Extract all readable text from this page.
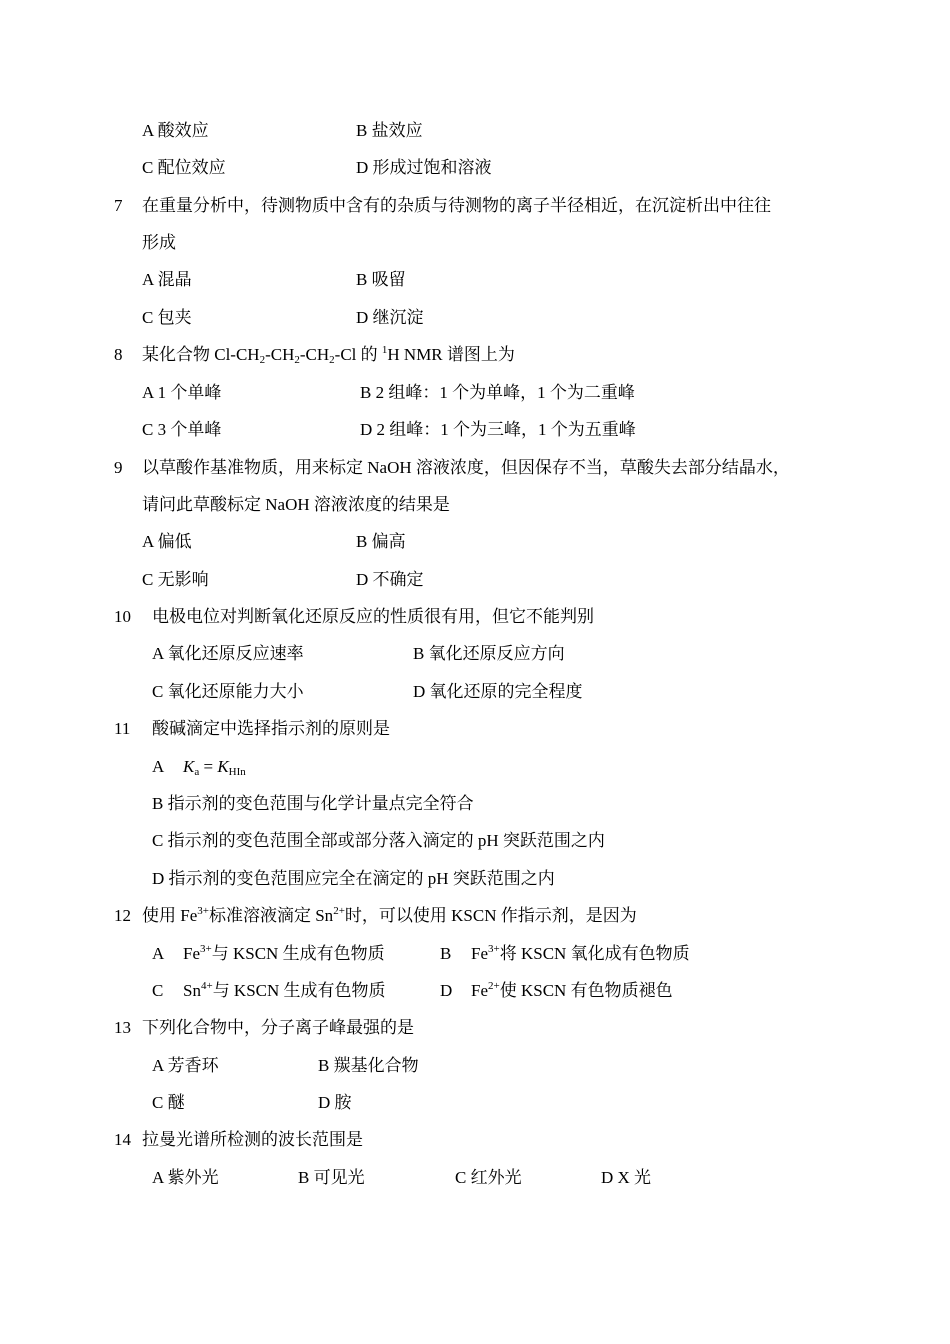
A 酸效应	B 盐效应
C 配位效应	D 形成过饱和溶液
7 在重量分析中，待测物质中含有的杂质与待测物的离子半径相近，在沉淀析出中往往
形成
A 混晶	B 吸留
C 包夹	D 继沉淀
8 某化合物 $Cl-CH_2-CH_2-CH_2-Cl$ 的 $^1$H NMR 谱图上为
A 1 个单峰	B 2 组峰：1 个为单峰，1 个为二重峰
C 3 个单峰	D 2 组峰：1 个为三峰，1 个为五重峰
9 以草酸作基准物质，用来标定 NaOH 溶液浓度，但因保存不当，草酸失去部分结晶水，
请问此草酸标定 NaOH 溶液浓度的结果是
A 偏低	B 偏高
C 无影响	D 不确定
10 电极电位对判断氧化还原反应的性质很有用，但它不能判别
A 氧化还原反应速率	B 氧化还原反应方向
C 氧化还原能力大小	D 氧化还原的完全程度
11 酸碱滴定中选择指示剂的原则是
A $K_a = K_{HIn}$
B 指示剂的变色范围与化学计量点完全符合
C 指示剂的变色范围全部或部分落入滴定的 pH 突跃范围之内
D 指示剂的变色范围应完全在滴定的 pH 突跃范围之内
12 使用 $Fe^{3+}$标准溶液滴定 $Sn^{2+}$时，可以使用 KSCN 作指示剂，是因为
A $Fe^{3+}$与 KSCN 生成有色物质	B $Fe^{3+}$将 KSCN 氧化成有色物质
C $Sn^{4+}$与 KSCN 生成有色物质	D $Fe^{2+}$使 KSCN 有色物质褪色
13 下列化合物中，分子离子峰最强的是
A 芳香环	B 羰基化合物
C 醚	D 胺
14 拉曼光谱所检测的波长范围是
A 紫外光	B 可见光	C 红外光	D X 光
